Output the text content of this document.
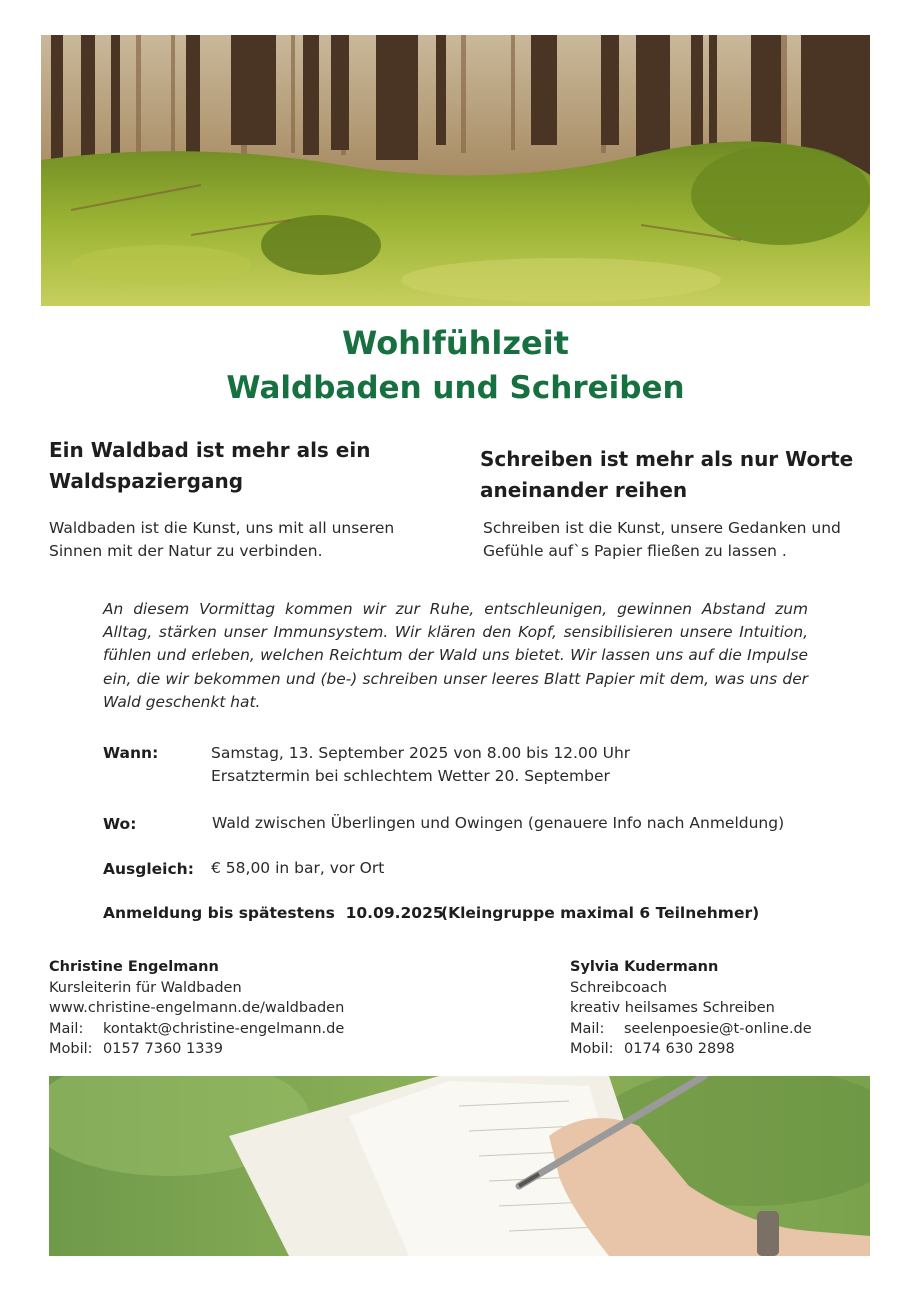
Wohlfühlzeit
Waldbaden und Schreiben
Ein Waldbad ist mehr als ein Waldspaziergang
Waldbaden ist die Kunst, uns mit all unseren Sinnen mit der Natur zu verbinden.
Schreiben ist mehr als nur Worte aneinander reihen
Schreiben ist die Kunst, unsere Gedanken und Gefühle auf`s Papier fließen zu lassen .
An diesem Vormittag kommen wir zur Ruhe, entschleunigen, gewinnen Abstand zum Alltag, stärken unser Immunsystem. Wir klären den Kopf, sensibilisieren unsere Intuition, fühlen und erleben, welchen Reichtum der Wald uns bietet. Wir lassen uns auf die Impulse ein, die wir bekommen und (be-) schreiben unser leeres Blatt Papier mit dem, was uns der Wald geschenkt hat.
Wann:	Samstag, 13. September 2025 von 8.00 bis 12.00 Uhr
Ersatztermin bei schlechtem Wetter 20. September
Wo:	Wald zwischen Überlingen und Owingen (genauere Info nach Anmeldung)
Ausgleich: € 58,00 in bar, vor Ort
Anmeldung bis spätestens  10.09.2025
(Kleingruppe maximal 6 Teilnehmer)
Christine Engelmann
Kursleiterin für Waldbaden
www.christine-engelmann.de/waldbaden
Mail: kontakt@christine-engelmann.de
Mobil: 0157 7360 1339
Sylvia Kudermann
Schreibcoach
kreativ heilsames Schreiben
Mail: seelenpoesie@t-online.de
Mobil: 0174 630 2898
